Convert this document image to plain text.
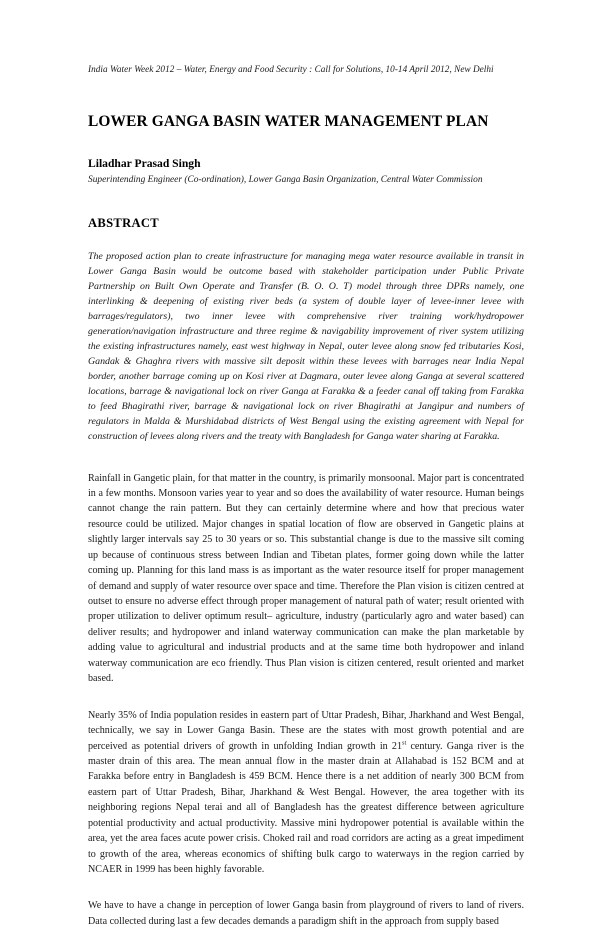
India Water Week 2012 – Water, Energy and Food Security : Call for Solutions, 10-14 April 2012, New Delhi
LOWER GANGA BASIN WATER MANAGEMENT PLAN
Liladhar Prasad Singh
Superintending Engineer (Co-ordination), Lower Ganga Basin Organization, Central Water Commission
ABSTRACT

The proposed action plan to create infrastructure for managing mega water resource available in transit in Lower Ganga Basin would be outcome based with stakeholder participation under Public Private Partnership on Built Own Operate and Transfer (B. O. O. T) model through three DPRs namely, one interlinking & deepening of existing river beds (a system of double layer of levee-inner levee with barrages/regulators), two inner levee with comprehensive river training work/hydropower generation/navigation infrastructure and three regime & navigability improvement of river system utilizing the existing infrastructures namely, east west highway in Nepal, outer levee along snow fed tributaries Kosi, Gandak & Ghaghra rivers with massive silt deposit within these levees with barrages near India Nepal border, another barrage coming up on Kosi river at Dagmara, outer levee along Ganga at several scattered locations, barrage & navigational lock on river Ganga at Farakka & a feeder canal off taking from Farakka to feed Bhagirathi river, barrage & navigational lock on river Bhagirathi at Jangipur and numbers of regulators in Malda & Murshidabad districts of West Bengal using the existing agreement with Nepal for construction of levees along rivers and the treaty with Bangladesh for Ganga water sharing at Farakka.

Rainfall in Gangetic plain, for that matter in the country, is primarily monsoonal. Major part is concentrated in a few months. Monsoon varies year to year and so does the availability of water resource. Human beings cannot change the rain pattern. But they can certainly determine where and how that precious water resource could be utilized. Major changes in spatial location of flow are observed in Gangetic plains at slightly larger intervals say 25 to 30 years or so. This substantial change is due to the massive silt coming up because of continuous stress between Indian and Tibetan plates, former going down while the latter coming up. Planning for this land mass is as important as the water resource itself for proper management of demand and supply of water resource over space and time. Therefore the Plan vision is citizen centred at outset to ensure no adverse effect through proper management of natural path of water; result oriented with proper utilization to deliver optimum result– agriculture, industry (particularly agro and water based) can deliver results; and hydropower and inland waterway communication can make the plan marketable by adding value to agricultural and industrial products and at the same time both hydropower and inland waterway communication are eco friendly. Thus Plan vision is citizen centered, result oriented and market based.

Nearly 35% of India population resides in eastern part of Uttar Pradesh, Bihar, Jharkhand and West Bengal, technically, we say in Lower Ganga Basin. These are the states with most growth potential and are perceived as potential drivers of growth in unfolding Indian growth in 21st century. Ganga river is the master drain of this area. The mean annual flow in the master drain at Allahabad is 152 BCM and at Farakka before entry in Bangladesh is 459 BCM. Hence there is a net addition of nearly 300 BCM from eastern part of Uttar Pradesh, Bihar, Jharkhand & West Bengal. However, the area together with its neighboring regions Nepal terai and all of Bangladesh has the greatest difference between agriculture potential productivity and actual productivity. Massive mini hydropower potential is available within the area, yet the area faces acute power crisis. Choked rail and road corridors are acting as a great impediment to growth of the area, whereas economics of shifting bulk cargo to waterways in the region carried by NCAER in 1999 has been highly favorable.

We have to have a change in perception of lower Ganga basin from playground of rivers to land of rivers. Data collected during last a few decades demands a paradigm shift in the approach from supply based
